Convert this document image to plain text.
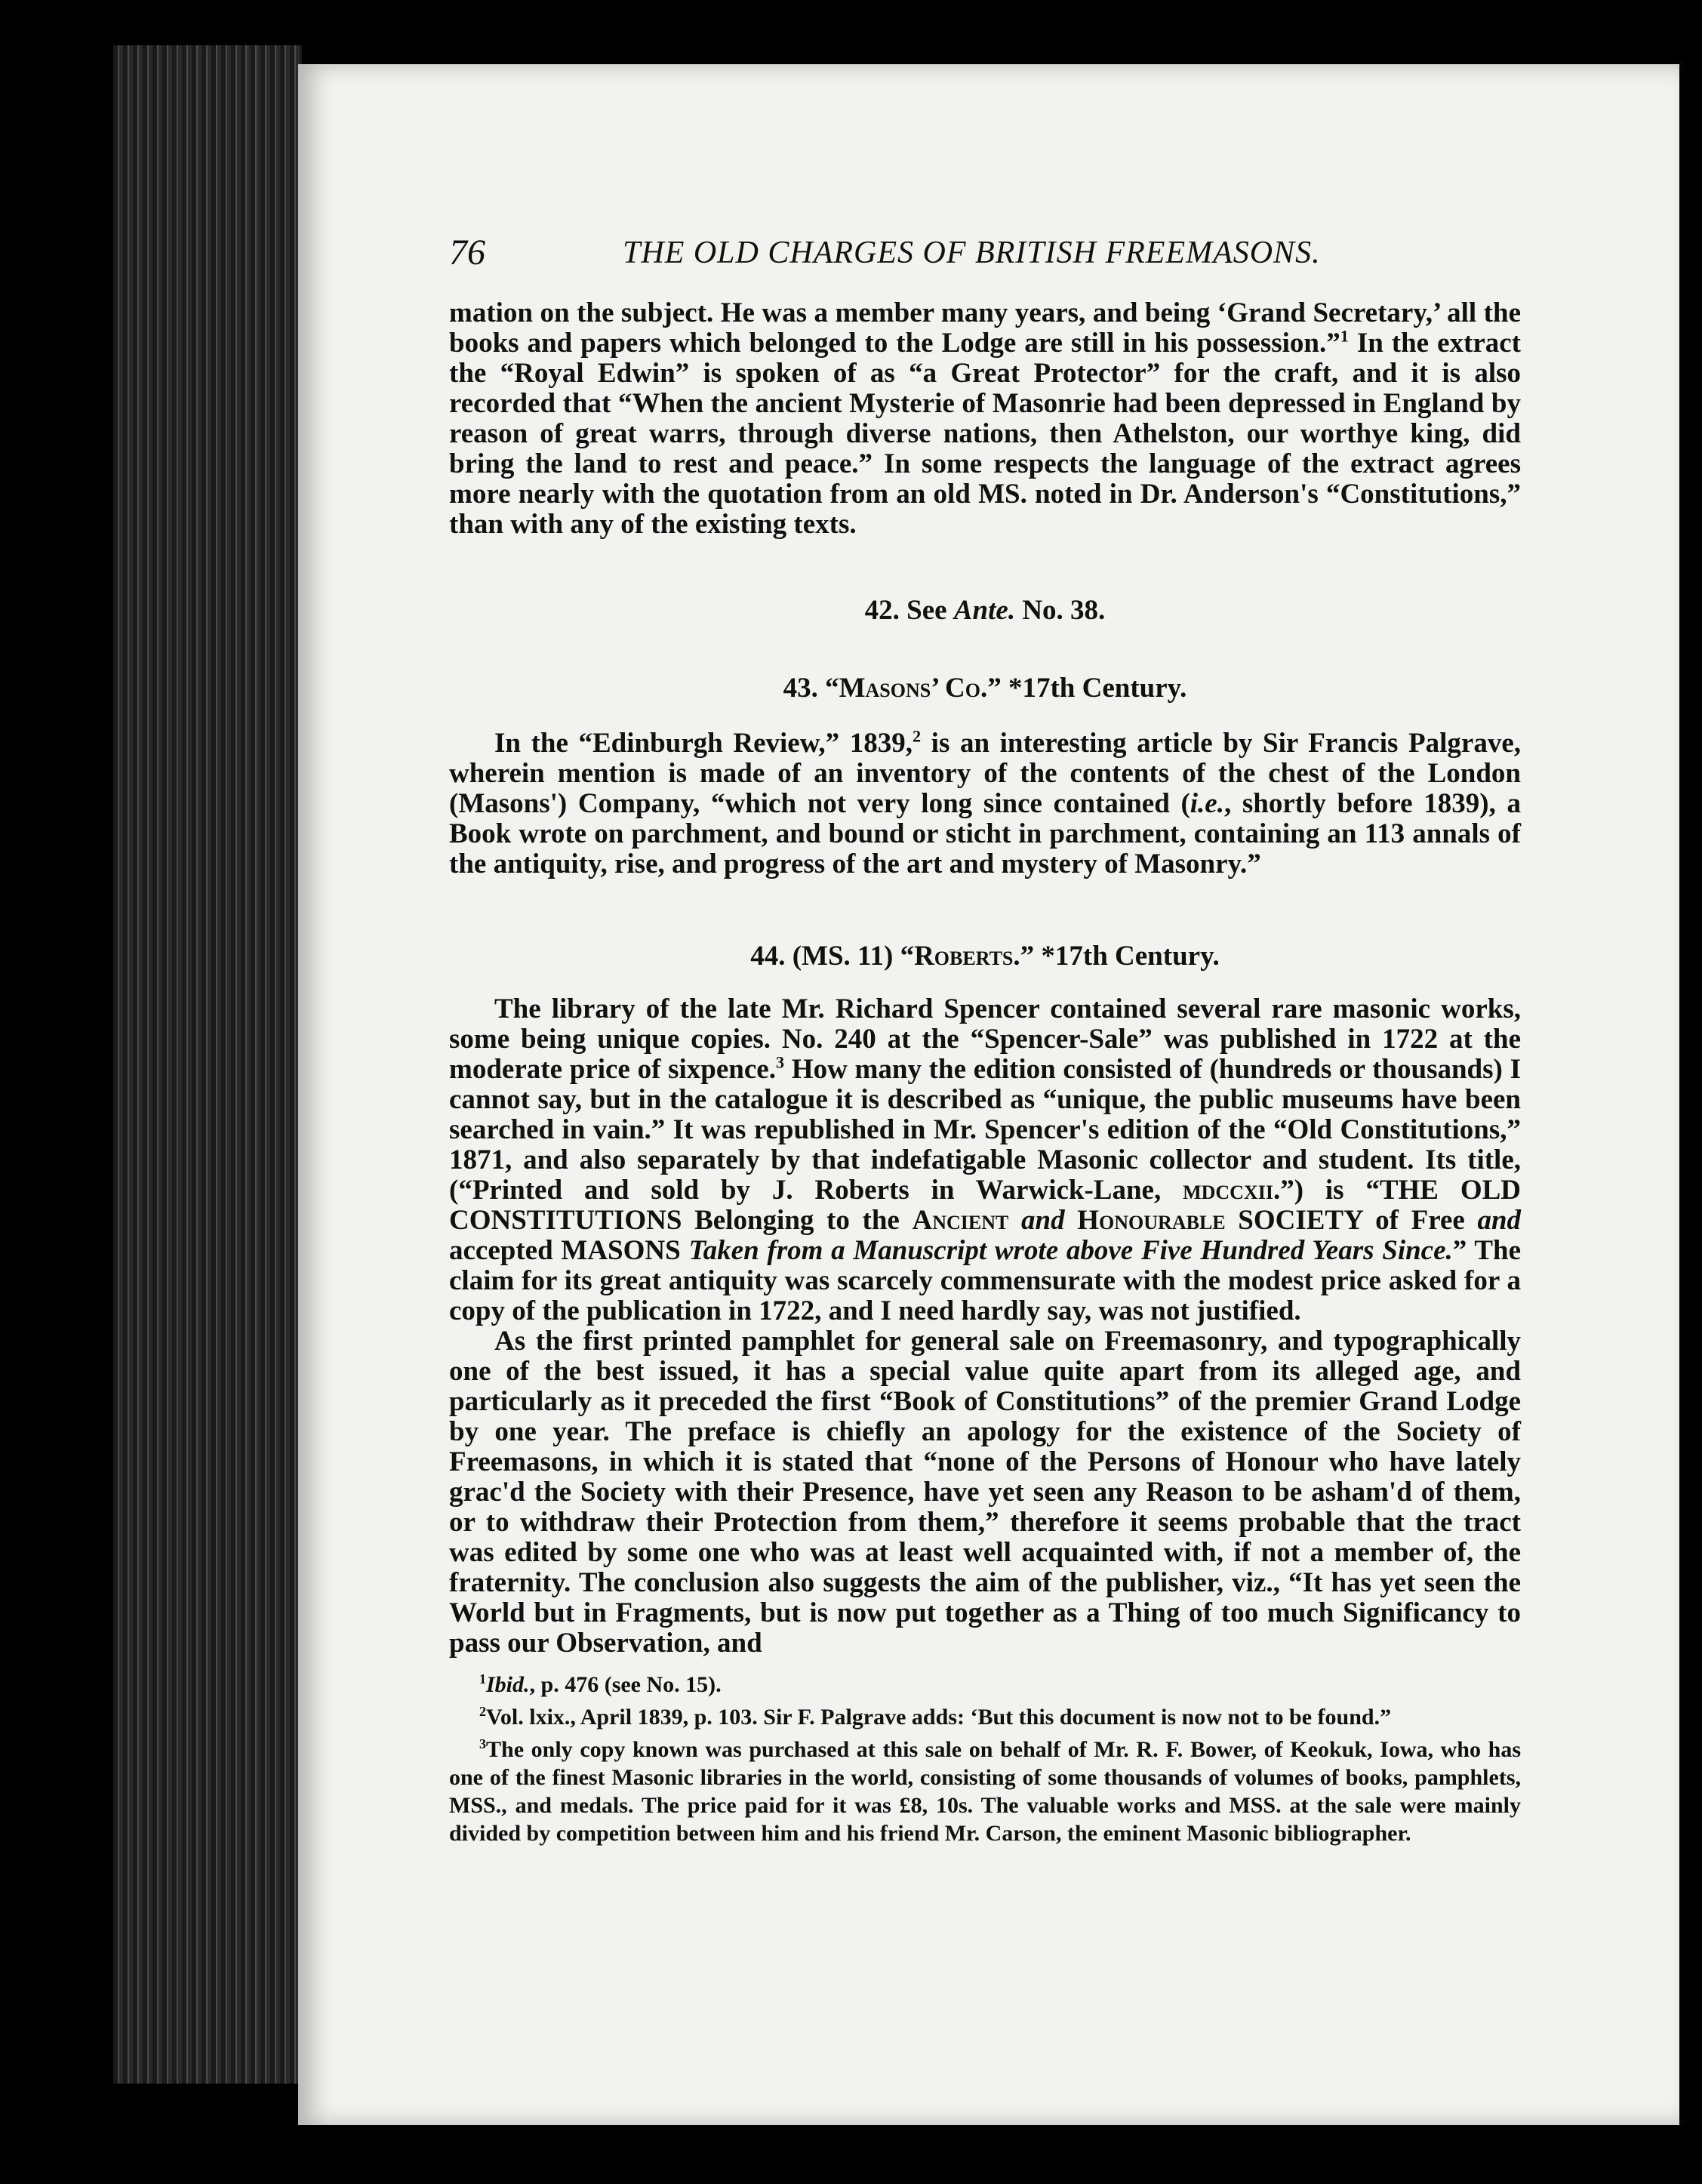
76	THE OLD CHARGES OF BRITISH FREEMASONS.

mation on the subject. He was a member many years, and being ‘Grand Secretary,’ all the books and papers which belonged to the Lodge are still in his possession.”$^1$ In the extract the “Royal Edwin” is spoken of as “a Great Protector” for the craft, and it is also recorded that “When the ancient Mysterie of Masonrie had been depressed in England by reason of great warrs, through diverse nations, then Athelston, our worthye king, did bring the land to rest and peace.” In some respects the language of the extract agrees more nearly with the quotation from an old MS. noted in Dr. Anderson's “Constitutions,” than with any of the existing texts.

42. See Ante. No. 38.
43. “Masons’ Co.” *17th Century.

In the “Edinburgh Review,” 1839,$^2$ is an interesting article by Sir Francis Palgrave, wherein mention is made of an inventory of the contents of the chest of the London (Masons') Company, “which not very long since contained (i.e., shortly before 1839), a Book wrote on parchment, and bound or sticht in parchment, containing an 113 annals of the antiquity, rise, and progress of the art and mystery of Masonry.”

44. (MS. 11) “Roberts.” *17th Century.

The library of the late Mr. Richard Spencer contained several rare masonic works, some being unique copies. No. 240 at the “Spencer-Sale” was published in 1722 at the moderate price of sixpence.$^3$ How many the edition consisted of (hundreds or thousands) I cannot say, but in the catalogue it is described as “unique, the public museums have been searched in vain.” It was republished in Mr. Spencer's edition of the “Old Constitutions,” 1871, and also separately by that indefatigable Masonic collector and student. Its title, (“Printed and sold by J. Roberts in Warwick-Lane, mdccxii.”) is “THE OLD CONSTITUTIONS Belonging to the Ancient and Honourable SOCIETY of Free and accepted MASONS Taken from a Manuscript wrote above Five Hundred Years Since.” The claim for its great antiquity was scarcely commensurate with the modest price asked for a copy of the publication in 1722, and I need hardly say, was not justified.

As the first printed pamphlet for general sale on Freemasonry, and typographically one of the best issued, it has a special value quite apart from its alleged age, and particularly as it preceded the first “Book of Constitutions” of the premier Grand Lodge by one year. The preface is chiefly an apology for the existence of the Society of Freemasons, in which it is stated that “none of the Persons of Honour who have lately grac'd the Society with their Presence, have yet seen any Reason to be asham'd of them, or to withdraw their Protection from them,” therefore it seems probable that the tract was edited by some one who was at least well acquainted with, if not a member of, the fraternity. The conclusion also suggests the aim of the publisher, viz., “It has yet seen the World but in Fragments, but is now put together as a Thing of too much Significancy to pass our Observation, and

$^1$Ibid., p. 476 (see No. 15).

$^2$Vol. lxix., April 1839, p. 103. Sir F. Palgrave adds: ‘But this document is now not to be found.”

$^3$The only copy known was purchased at this sale on behalf of Mr. R. F. Bower, of Keokuk, Iowa, who has one of the finest Masonic libraries in the world, consisting of some thousands of volumes of books, pamphlets, MSS., and medals. The price paid for it was £8, 10s. The valuable works and MSS. at the sale were mainly divided by competition between him and his friend Mr. Carson, the eminent Masonic bibliographer.
